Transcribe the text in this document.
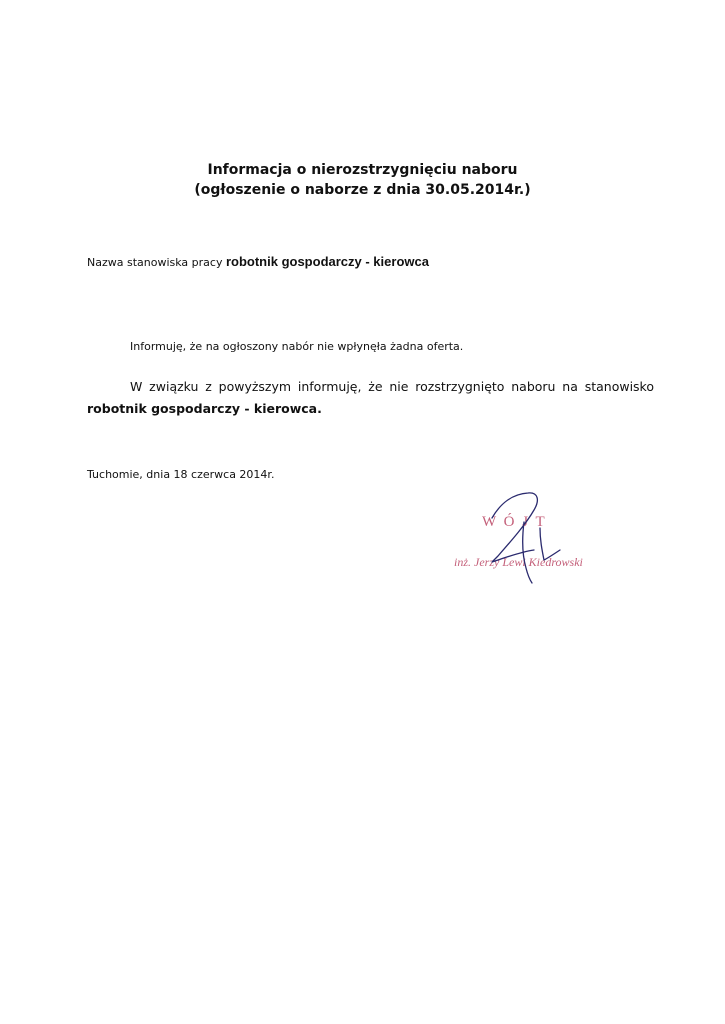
Informacja o nierozstrzygnięciu naboru
(ogłoszenie o naborze z dnia 30.05.2014r.)
Nazwa stanowiska pracy robotnik gospodarczy - kierowca
Informuję, że na ogłoszony nabór nie wpłynęła żadna oferta.
W związku z powyższym informuję, że nie rozstrzygnięto naboru na stanowisko
robotnik gospodarczy - kierowca.
Tuchomie, dnia 18 czerwca 2014r.
W Ó J T
inż. Jerzy Lewi Kiedrowski
